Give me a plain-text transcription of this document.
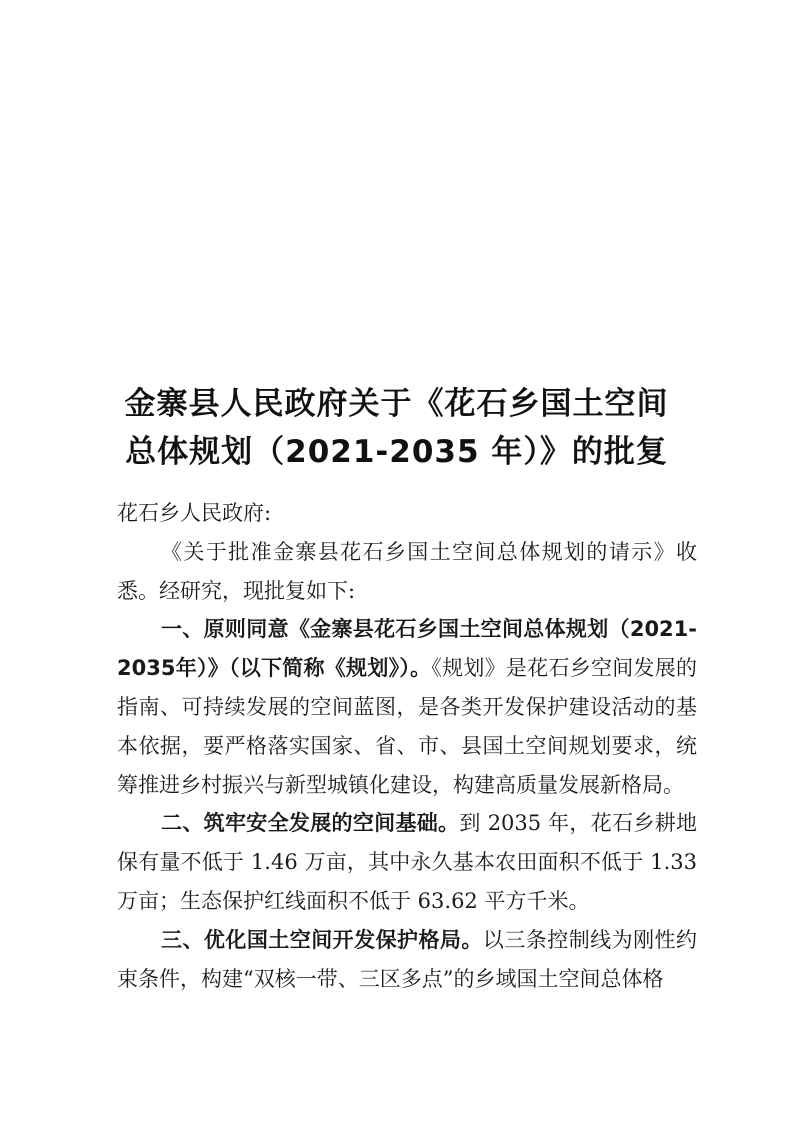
金寨县人民政府关于《花石乡国土空间
总体规划（2021-2035 年）》的批复

花石乡人民政府:

《关于批准金寨县花石乡国土空间总体规划的请示》收悉。经研究，现批复如下:

一、原则同意《金寨县花石乡国土空间总体规划（2021-2035年）》（以下简称《规划》）。《规划》是花石乡空间发展的指南、可持续发展的空间蓝图，是各类开发保护建设活动的基本依据，要严格落实国家、省、市、县国土空间规划要求，统筹推进乡村振兴与新型城镇化建设，构建高质量发展新格局。

二、筑牢安全发展的空间基础。到 2035 年，花石乡耕地保有量不低于 1.46 万亩，其中永久基本农田面积不低于 1.33 万亩；生态保护红线面积不低于 63.62 平方千米。

三、优化国土空间开发保护格局。以三条控制线为刚性约束条件，构建“双核一带、三区多点”的乡域国土空间总体格
